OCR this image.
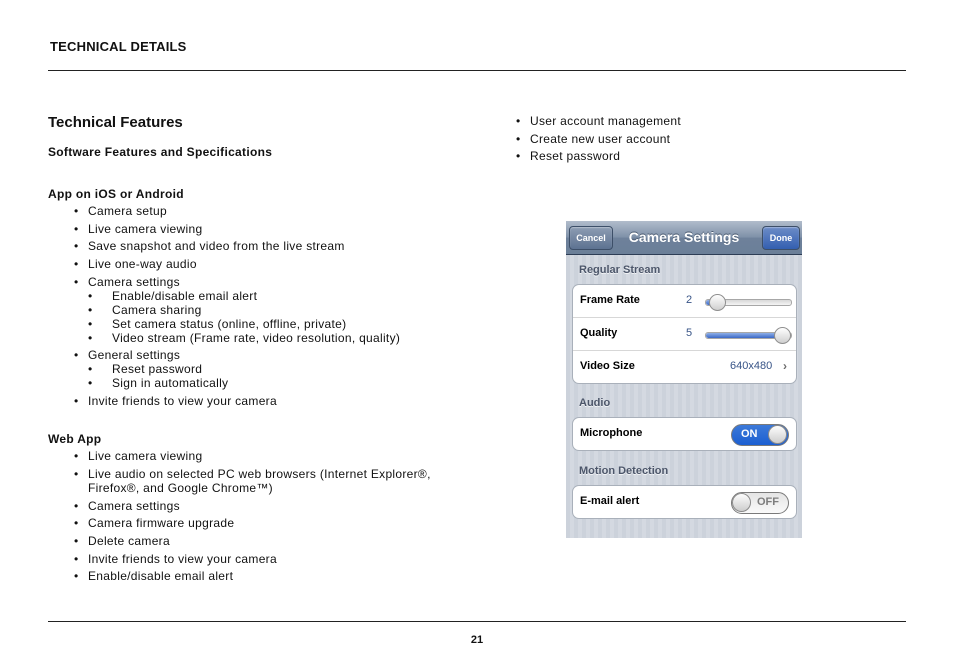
TECHNICAL DETAILS
Technical Features
Software Features and Specifications
App on iOS or Android
• Camera setup
• Live camera viewing
• Save snapshot and video from the live stream
• Live one-way audio
• Camera settings
• Enable/disable email alert
• Camera sharing
• Set camera status (online, offline, private)
• Video stream (Frame rate, video resolution, quality)
• General settings
• Reset password
• Sign in automatically
• Invite friends to view your camera
Web App
• Live camera viewing
• Live audio on selected PC web browsers (Internet Explorer®, Firefox®, and Google Chrome™)
• Camera settings
• Camera firmware upgrade
• Delete camera
• Invite friends to view your camera
• Enable/disable email alert
• User account management
• Create new user account
• Reset password
Cancel	Camera Settings	Done
Regular Stream
Frame Rate	2
Quality	5
Video Size	640x480 ›
Audio
Microphone	ON
Motion Detection
E-mail alert	OFF
21
